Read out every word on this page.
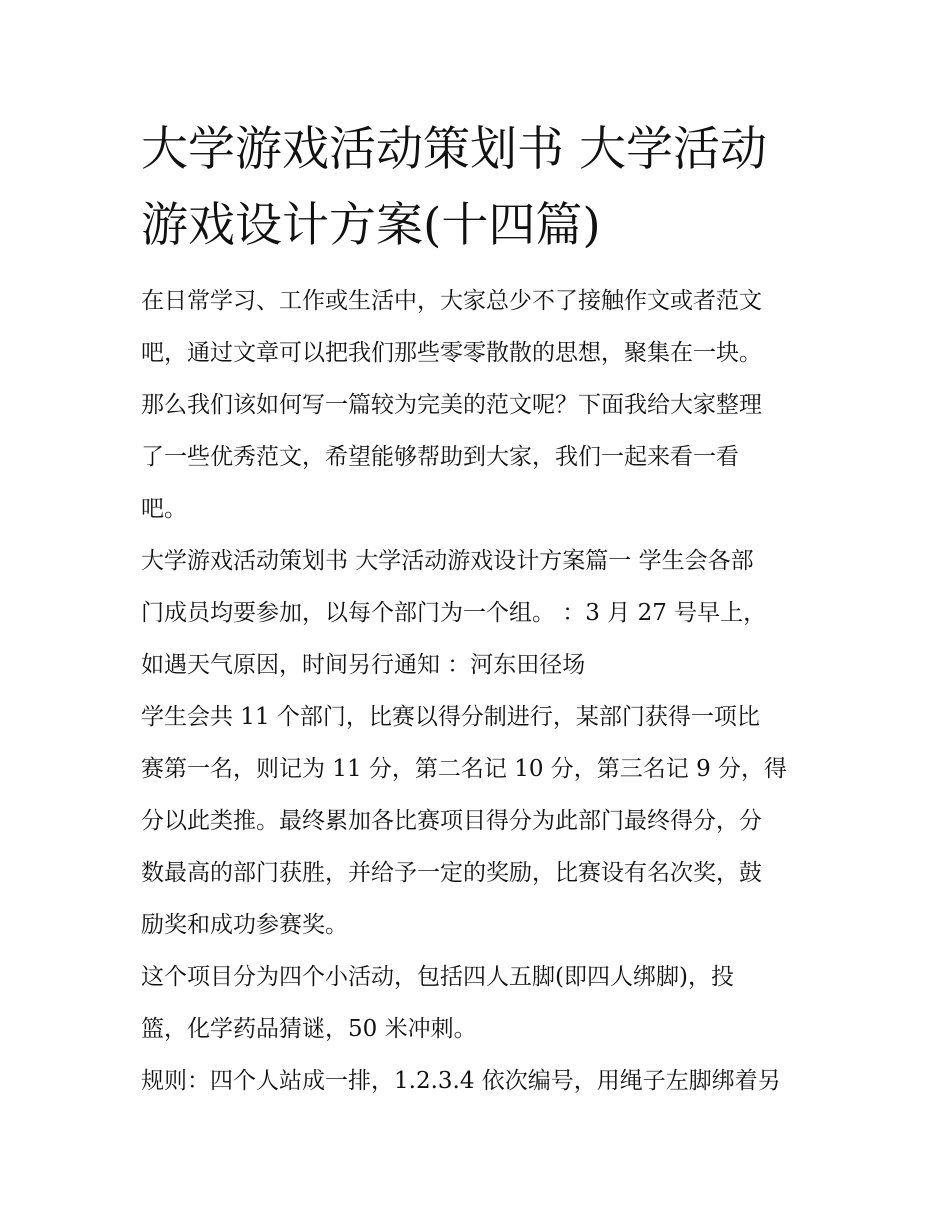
大学游戏活动策划书 大学活动
游戏设计方案(十四篇)

在日常学习、工作或生活中，大家总少不了接触作文或者范文
吧，通过文章可以把我们那些零零散散的思想，聚集在一块。
那么我们该如何写一篇较为完美的范文呢？下面我给大家整理
了一些优秀范文，希望能够帮助到大家，我们一起来看一看
吧。

大学游戏活动策划书 大学活动游戏设计方案篇一 学生会各部
门成员均要参加，以每个部门为一个组。 ：3 月 27 号早上，
如遇天气原因，时间另行通知 ：河东田径场

学生会共 11 个部门，比赛以得分制进行，某部门获得一项比
赛第一名，则记为 11 分，第二名记 10 分，第三名记 9 分，得
分以此类推。最终累加各比赛项目得分为此部门最终得分，分
数最高的部门获胜，并给予一定的奖励，比赛设有名次奖，鼓
励奖和成功参赛奖。

这个项目分为四个小活动，包括四人五脚(即四人绑脚)，投
篮，化学药品猜谜，50 米冲刺。

规则：四个人站成一排，1.2.3.4 依次编号，用绳子左脚绑着另
